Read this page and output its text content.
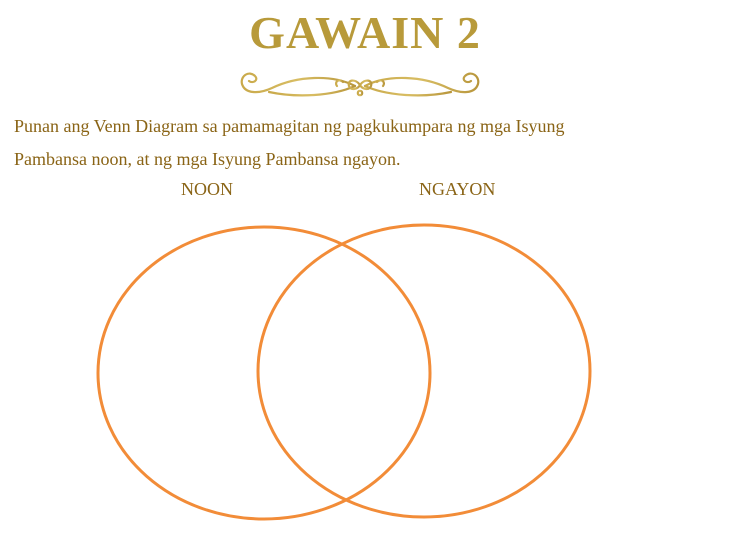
GAWAIN 2
Punan ang Venn Diagram sa pamamagitan ng pagkukumpara ng mga Isyung
Pambansa noon, at ng mga Isyung Pambansa ngayon.
NOON	NGAYON
